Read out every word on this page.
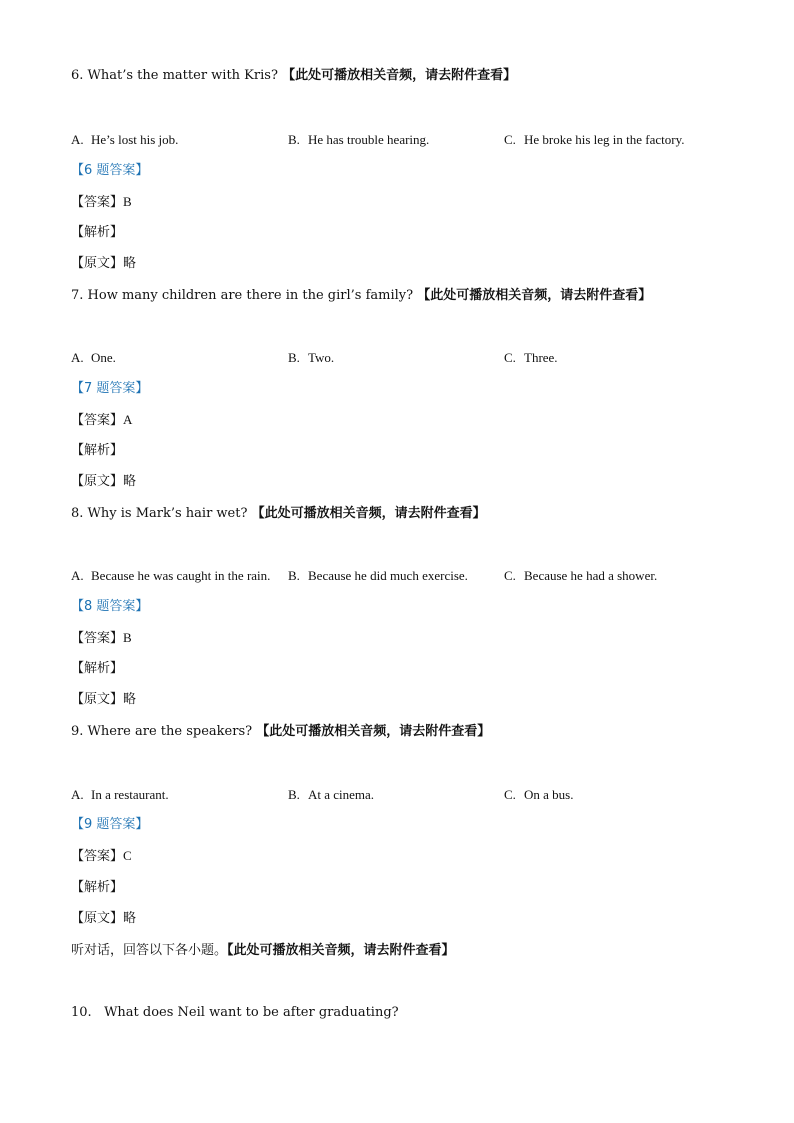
6. What’s the matter with Kris? 【此处可播放相关音频，请去附件查看】
A. He’s lost his job.	B. He has trouble hearing.	C. He broke his leg in the factory.
【6 题答案】
【答案】B
【解析】
【原文】略
7. How many children are there in the girl’s family? 【此处可播放相关音频，请去附件查看】
A. One.	B. Two.	C. Three.
【7 题答案】
【答案】A
【解析】
【原文】略
8. Why is Mark’s hair wet? 【此处可播放相关音频，请去附件查看】
A. Because he was caught in the rain. B. Because he did much exercise.	C. Because he had a shower.
【8 题答案】
【答案】B
【解析】
【原文】略
9. Where are the speakers? 【此处可播放相关音频，请去附件查看】
A. In a restaurant.	B. At a cinema.	C. On a bus.
【9 题答案】
【答案】C
【解析】
【原文】略
听对话，回答以下各小题。【此处可播放相关音频，请去附件查看】
10.   What does Neil want to be after graduating?
